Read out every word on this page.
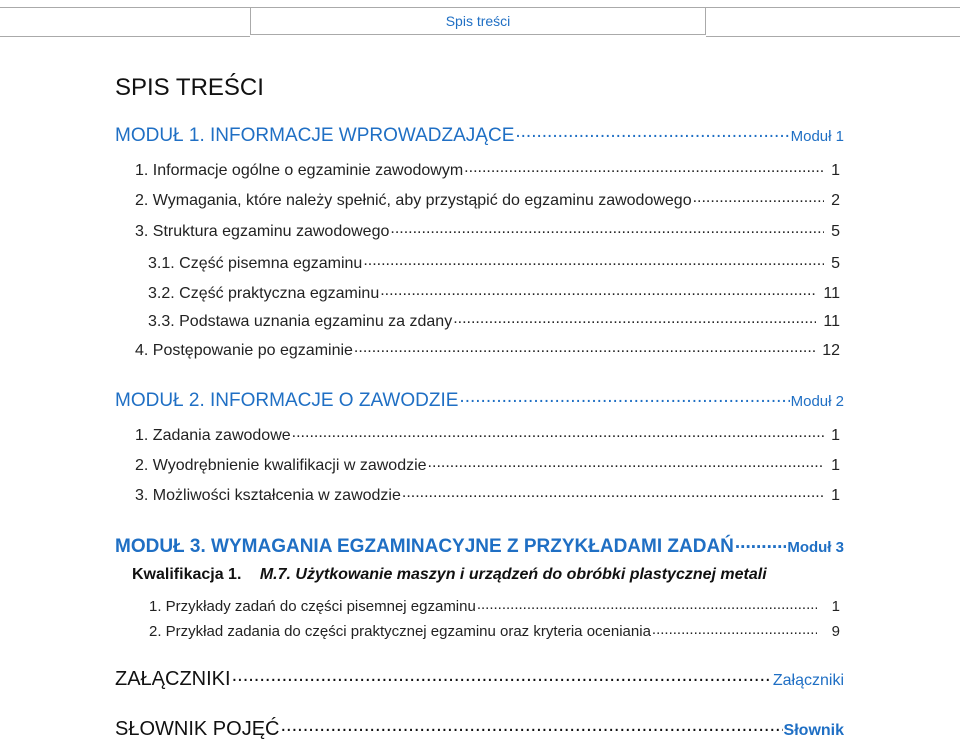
Spis treści
SPIS TREŚCI
MODUŁ 1. INFORMACJE WPROWADZAJĄCE .....	Moduł 1
1. Informacje ogólne o egzaminie zawodowym .....	1
2. Wymagania, które należy spełnić, aby przystąpić do egzaminu zawodowego .....	2
3. Struktura egzaminu zawodowego .....	5
3.1. Część pisemna egzaminu .....	5
3.2. Część praktyczna egzaminu .....	11
3.3. Podstawa uznania egzaminu za zdany .....	11
4. Postępowanie po egzaminie .....	12
MODUŁ 2. INFORMACJE O ZAWODZIE .....	Moduł 2
1. Zadania zawodowe .....	1
2. Wyodrębnienie kwalifikacji w zawodzie .....	1
3. Możliwości kształcenia w zawodzie .....	1
MODUŁ 3. WYMAGANIA EGZAMINACYJNE Z PRZYKŁADAMI ZADAŃ .....	Moduł 3
Kwalifikacja 1. M.7. Użytkowanie maszyn i urządzeń do obróbki plastycznej metali
1. Przykłady zadań do części pisemnej egzaminu .....	1
2. Przykład zadania do części praktycznej egzaminu oraz kryteria oceniania .....	9
ZAŁĄCZNIKI .....	Załączniki
SŁOWNIK POJĘĆ .....	Słownik
